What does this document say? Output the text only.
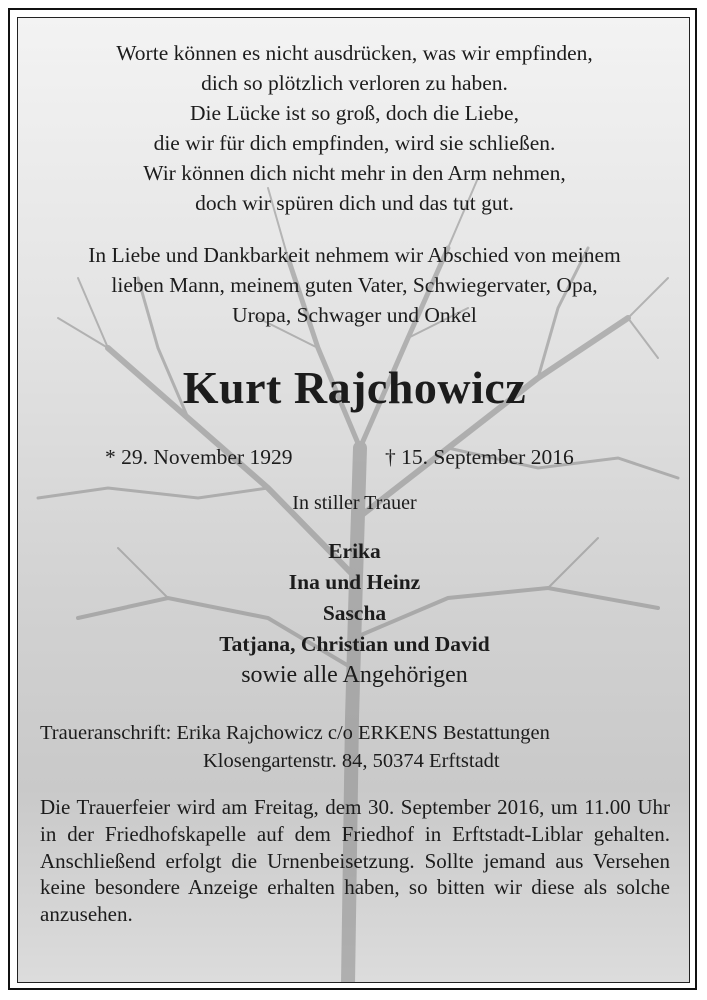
Worte können es nicht ausdrücken, was wir empfinden,
dich so plötzlich verloren zu haben.
Die Lücke ist so groß, doch die Liebe,
die wir für dich empfinden, wird sie schließen.
Wir können dich nicht mehr in den Arm nehmen,
doch wir spüren dich und das tut gut.
In Liebe und Dankbarkeit nehmem wir Abschied von meinem
lieben Mann, meinem guten Vater, Schwiegervater, Opa,
Uropa, Schwager und Onkel
Kurt Rajchowicz
* 29. November 1929	† 15. September 2016
In stiller Trauer
Erika
Ina und Heinz
Sascha
Tatjana, Christian und David
sowie alle Angehörigen
Traueranschrift: Erika Rajchowicz c/o ERKENS Bestattungen
Klosengartenstr. 84, 50374 Erftstadt
Die Trauerfeier wird am Freitag, dem 30. September 2016, um 11.00 Uhr in der Friedhofskapelle auf dem Friedhof in Erftstadt-Liblar gehalten. Anschließend erfolgt die Urnenbeisetzung. Sollte jemand aus Versehen keine besondere Anzeige erhalten haben, so bitten wir diese als solche anzusehen.
